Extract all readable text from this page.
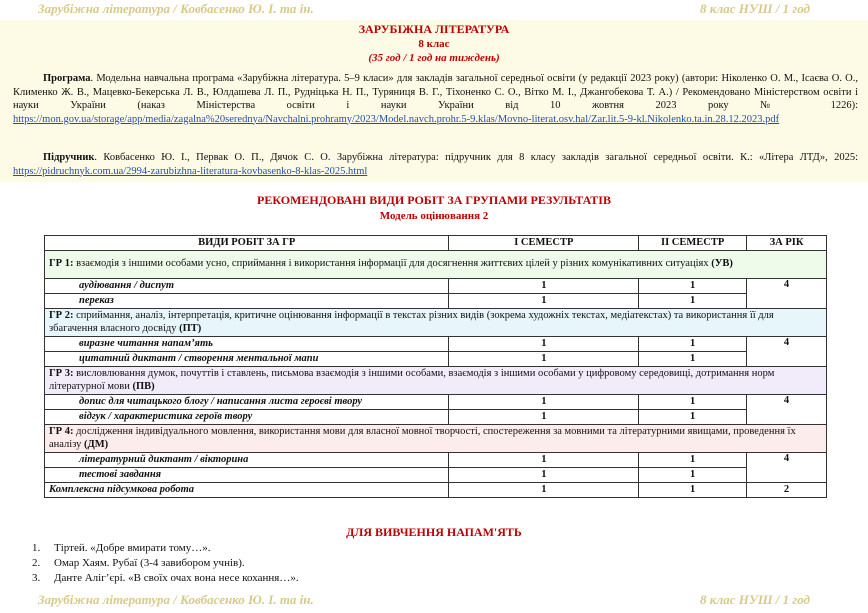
Зарубіжна література / Ковбасенко Ю. І. та ін.	8 клас НУШ / 1 год
ЗАРУБІЖНА ЛІТЕРАТУРА
8 клас
(35 год / 1 год на тиждень)
Програма. Модельна навчальна програма «Зарубіжна література. 5–9 класи» для закладів загальної середньої освіти (у редакції 2023 року) (автори: Ніколенко О. М., Ісаєва О. О., Клименко Ж. В., Мацевко-Бекерська Л. В., Юлдашева Л. П., Рудніцька Н. П., Туряниця В. Г., Тіхоненко С. О., Вітко М. І., Джангобекова Т. А.) / Рекомендовано Міністерством освіти і науки України (наказ Міністерства освіти і науки України від 10 жовтня 2023 року № 1226): https://mon.gov.ua/storage/app/media/zagalna%20serednya/Navchalni.prohramy/2023/Model.navch.prohr.5-9.klas/Movno-literat.osv.hal/Zar.lit.5-9-kl.Nikolenko.ta.in.28.12.2023.pdf
Підручник. Ковбасенко Ю. І., Первак О. П., Дячок С. О. Зарубіжна література: підручник для 8 класу закладів загальної середньої освіти. К.: «Літера ЛТД», 2025: https://pidruchnyk.com.ua/2994-zarubizhna-literatura-kovbasenko-8-klas-2025.html
РЕКОМЕНДОВАНІ ВИДИ РОБІТ ЗА ГРУПАМИ РЕЗУЛЬТАТІВ
Модель оцінювання 2
ВИДИ РОБІТ ЗА ГР	І СЕМЕСТР	ІІ СЕМЕСТР	ЗА РІК
ГР 1: взаємодія з іншими особами усно, сприймання і використання інформації для досягнення життєвих цілей у різних комунікативних ситуаціях (УВ)			
аудіювання / диспут	1	1	4
переказ	1	1	
ГР 2: сприймання, аналіз, інтерпретація, критичне оцінювання інформації в текстах різних видів (зокрема художніх текстах, медіатекстах) та використання її для збагачення власного досвіду (ПТ)			
виразне читання напам’ять	1	1	4
цитатний диктант / створення ментальної мапи	1	1	
ГР 3: висловлювання думок, почуттів і ставлень, письмова взаємодія з іншими особами, взаємодія з іншими особами у цифровому середовищі, дотримання норм літературної мови (ПВ)			
допис для читацького блогу / написання листа героєві твору	1	1	4
відгук / характеристика героїв твору	1	1	
ГР 4: дослідження індивідуального мовлення, використання мови для власної мовної творчості, спостереження за мовними та літературними явищами, проведення їх аналізу (ДМ)			
літературний диктант / вікторина	1	1	4
тестові завдання	1	1	
Комплексна підсумкова робота	1	1	2
ДЛЯ ВИВЧЕННЯ НАПАМ'ЯТЬ
1. Тіртей. «Добре вмирати тому…».
2. Омар Хаям. Рубаї (3-4 завибором учнів).
3. Данте Аліг’єрі. «В своїх очах вона несе кохання…».
Зарубіжна література / Ковбасенко Ю. І. та ін.	8 клас НУШ / 1 год
